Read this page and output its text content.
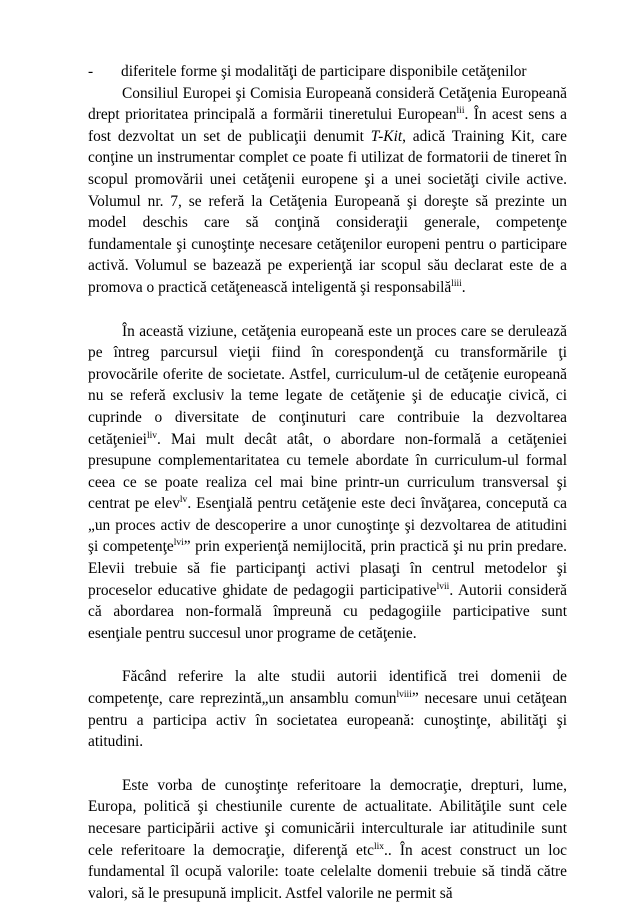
-	diferitele forme şi modalităţi de participare disponibile cetăţenilor

Consiliul Europei şi Comisia Europeană consideră Cetăţenia Europeană drept prioritatea principală a formării tineretului European$^{lii}$. În acest sens a fost dezvoltat un set de publicaţii denumit T-Kit, adică Training Kit, care conţine un instrumentar complet ce poate fi utilizat de formatorii de tineret în scopul promovării unei cetăţenii europene şi a unei societăţi civile active. Volumul nr. 7, se referă la Cetăţenia Europeană şi doreşte să prezinte un model deschis care să conţină consideraţii generale, competenţe fundamentale şi cunoştinţe necesare cetăţenilor europeni pentru o participare activă. Volumul se bazează pe experienţă iar scopul său declarat este de a promova o practică cetăţenească inteligentă şi responsabilă$^{liii}$.

În această viziune, cetăţenia europeană este un proces care se derulează pe întreg parcursul vieţii fiind în corespondenţă cu transformările ţi provocările oferite de societate. Astfel, curriculum-ul de cetăţenie europeană nu se referă exclusiv la teme legate de cetăţenie şi de educaţie civică, ci cuprinde o diversitate de conţinuturi care contribuie la dezvoltarea cetăţeniei$^{liv}$. Mai mult decât atât, o abordare non-formală a cetăţeniei presupune complementaritatea cu temele abordate în curriculum-ul formal ceea ce se poate realiza cel mai bine printr-un curriculum transversal şi centrat pe elev$^{lv}$. Esenţială pentru cetăţenie este deci învăţarea, concepută ca „un proces activ de descoperire a unor cunoştinţe şi dezvoltarea de atitudini şi competenţe$^{lvi}$” prin experienţă nemijlocită, prin practică şi nu prin predare. Elevii trebuie să fie participanţi activi plasaţi în centrul metodelor şi proceselor educative ghidate de pedagogii participative$^{lvii}$. Autorii consideră că abordarea non-formală împreună cu pedagogiile participative sunt esenţiale pentru succesul unor programe de cetăţenie.

Făcând referire la alte studii autorii identifică trei domenii de competenţe, care reprezintă„un ansamblu comun$^{lviii}$” necesare unui cetăţean pentru a participa activ în societatea europeană: cunoştinţe, abilităţi şi atitudini.

Este vorba de cunoştinţe referitoare la democraţie, drepturi, lume, Europa, politică şi chestiunile curente de actualitate. Abilităţile sunt cele necesare participării active şi comunicării interculturale iar atitudinile sunt cele referitoare la democraţie, diferenţă etc$^{lix}$.. În acest construct un loc fundamental îl ocupă valorile: toate celelalte domenii trebuie să tindă către valori, să le presupună implicit. Astfel valorile ne permit să
